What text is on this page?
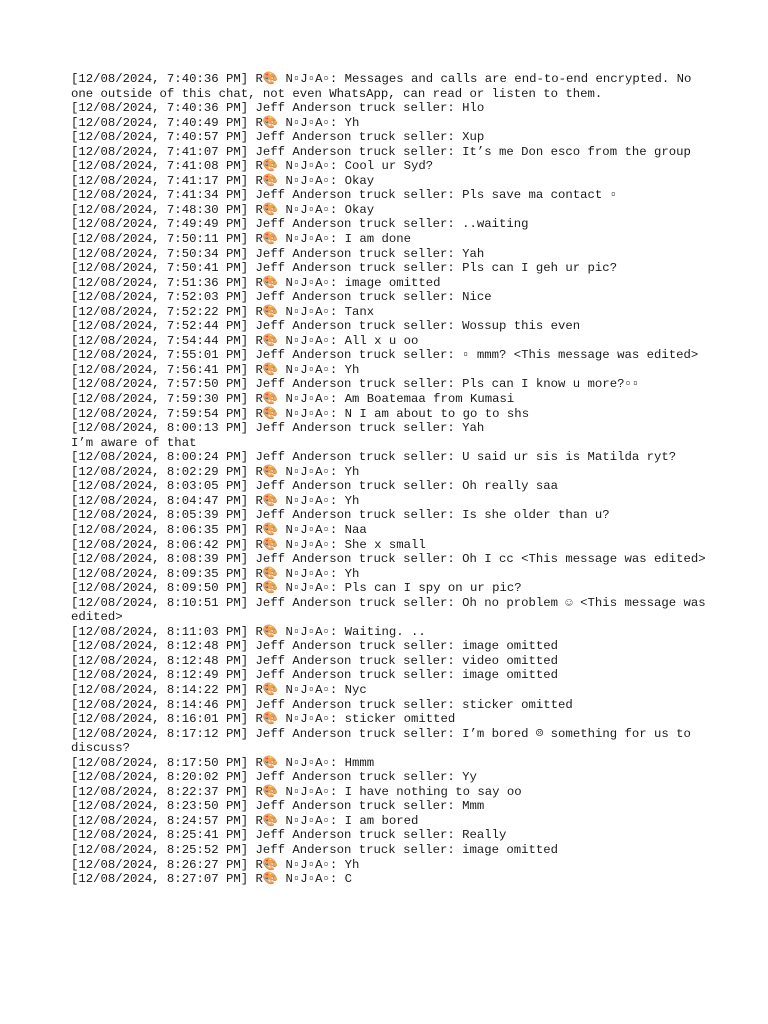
[12/08/2024, 7:40:36 PM] R🎨 N▫J▫A▫: Messages and calls are end-to-end encrypted. No one outside of this chat, not even WhatsApp, can read or listen to them.
[12/08/2024, 7:40:36 PM] Jeff Anderson truck seller: Hlo
[12/08/2024, 7:40:49 PM] R🎨 N▫J▫A▫: Yh
[12/08/2024, 7:40:57 PM] Jeff Anderson truck seller: Xup
[12/08/2024, 7:41:07 PM] Jeff Anderson truck seller: It’s me Don esco from the group
[12/08/2024, 7:41:08 PM] R🎨 N▫J▫A▫: Cool ur Syd?
[12/08/2024, 7:41:17 PM] R🎨 N▫J▫A▫: Okay
[12/08/2024, 7:41:34 PM] Jeff Anderson truck seller: Pls save ma contact ▫
[12/08/2024, 7:48:30 PM] R🎨 N▫J▫A▫: Okay
[12/08/2024, 7:49:49 PM] Jeff Anderson truck seller: ..waiting
[12/08/2024, 7:50:11 PM] R🎨 N▫J▫A▫: I am done
[12/08/2024, 7:50:34 PM] Jeff Anderson truck seller: Yah
[12/08/2024, 7:50:41 PM] Jeff Anderson truck seller: Pls can I geh ur pic?
[12/08/2024, 7:51:36 PM] R🎨 N▫J▫A▫: image omitted
[12/08/2024, 7:52:03 PM] Jeff Anderson truck seller: Nice
[12/08/2024, 7:52:22 PM] R🎨 N▫J▫A▫: Tanx
[12/08/2024, 7:52:44 PM] Jeff Anderson truck seller: Wossup this even
[12/08/2024, 7:54:44 PM] R🎨 N▫J▫A▫: All x u oo
[12/08/2024, 7:55:01 PM] Jeff Anderson truck seller: ▫ mmm? <This message was edited>
[12/08/2024, 7:56:41 PM] R🎨 N▫J▫A▫: Yh
[12/08/2024, 7:57:50 PM] Jeff Anderson truck seller: Pls can I know u more?▫▫
[12/08/2024, 7:59:30 PM] R🎨 N▫J▫A▫: Am Boatemaa from Kumasi
[12/08/2024, 7:59:54 PM] R🎨 N▫J▫A▫: N I am about to go to shs
[12/08/2024, 8:00:13 PM] Jeff Anderson truck seller: Yah
I’m aware of that
[12/08/2024, 8:00:24 PM] Jeff Anderson truck seller: U said ur sis is Matilda ryt?
[12/08/2024, 8:02:29 PM] R🎨 N▫J▫A▫: Yh
[12/08/2024, 8:03:05 PM] Jeff Anderson truck seller: Oh really saa
[12/08/2024, 8:04:47 PM] R🎨 N▫J▫A▫: Yh
[12/08/2024, 8:05:39 PM] Jeff Anderson truck seller: Is she older than u?
[12/08/2024, 8:06:35 PM] R🎨 N▫J▫A▫: Naa
[12/08/2024, 8:06:42 PM] R🎨 N▫J▫A▫: She x small
[12/08/2024, 8:08:39 PM] Jeff Anderson truck seller: Oh I cc <This message was edited>
[12/08/2024, 8:09:35 PM] R🎨 N▫J▫A▫: Yh
[12/08/2024, 8:09:50 PM] R🎨 N▫J▫A▫: Pls can I spy on ur pic?
[12/08/2024, 8:10:51 PM] Jeff Anderson truck seller: Oh no problem ☺ <This message was edited>
[12/08/2024, 8:11:03 PM] R🎨 N▫J▫A▫: Waiting. ..
[12/08/2024, 8:12:48 PM] Jeff Anderson truck seller: image omitted
[12/08/2024, 8:12:48 PM] Jeff Anderson truck seller: video omitted
[12/08/2024, 8:12:49 PM] Jeff Anderson truck seller: image omitted
[12/08/2024, 8:14:22 PM] R🎨 N▫J▫A▫: Nyc
[12/08/2024, 8:14:46 PM] Jeff Anderson truck seller: sticker omitted
[12/08/2024, 8:16:01 PM] R🎨 N▫J▫A▫: sticker omitted
[12/08/2024, 8:17:12 PM] Jeff Anderson truck seller: I’m bored ☹ something for us to discuss?
[12/08/2024, 8:17:50 PM] R🎨 N▫J▫A▫: Hmmm
[12/08/2024, 8:20:02 PM] Jeff Anderson truck seller: Yy
[12/08/2024, 8:22:37 PM] R🎨 N▫J▫A▫: I have nothing to say oo
[12/08/2024, 8:23:50 PM] Jeff Anderson truck seller: Mmm
[12/08/2024, 8:24:57 PM] R🎨 N▫J▫A▫: I am bored
[12/08/2024, 8:25:41 PM] Jeff Anderson truck seller: Really
[12/08/2024, 8:25:52 PM] Jeff Anderson truck seller: image omitted
[12/08/2024, 8:26:27 PM] R🎨 N▫J▫A▫: Yh
[12/08/2024, 8:27:07 PM] R🎨 N▫J▫A▫: C
